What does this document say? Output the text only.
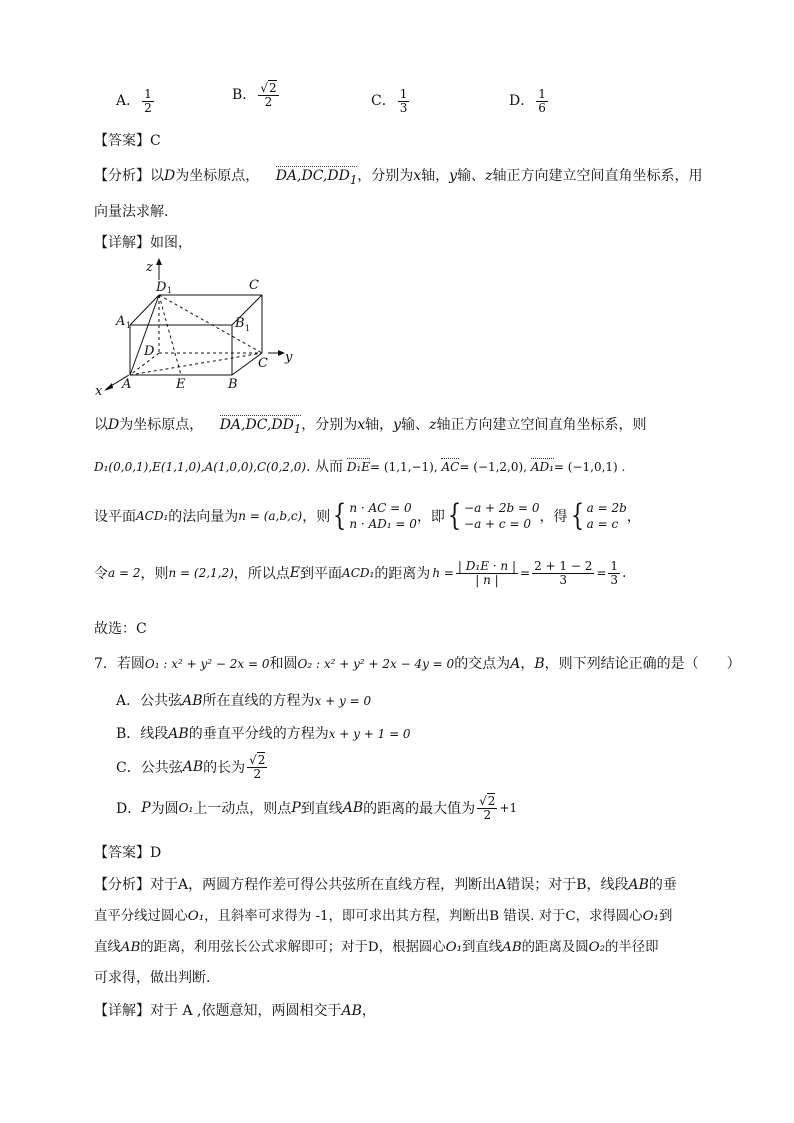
A． $\frac{1}{2}$	B． $\frac{√2}{2}$	C． $\frac{1}{3}$	D． $\frac{1}{6}$
【答案】C
【分析】以D为坐标原点， $DA,DC,DD_1$，分别为x轴，y输、z轴正方向建立空间直角坐标系，用
向量法求解.
【详解】如图，
z
y
x
D 1	C
A 1	B 1
D
C
A	E	B
以D为坐标原点， $DA,DC,DD_1$，分别为x轴，y输、z轴正方向建立空间直角坐标系，则
D₁(0,0,1),E(1,1,0),A(1,0,0),C(0,2,0). 从而 D₁E= (1,1,−1), AC= (−1,2,0), AD₁= (−1,0,1) .
设平面 ACD₁ 的法向量为 n = (a,b,c) ，则 { n · AC = 0
n · AD₁ = 0 ，即 { −a + 2b = 0
−a + c = 0 ，得 { a = 2b
a = c ，
令 a = 2 ，则 n = (2,1,2) ，所以点 E 到平面 ACD₁ 的距离为 $h = \frac{\text{| D₁E · n |}}{| n |} = \frac{2 + 1 - 2}{3} = \frac{1}{3}$ .
故选：C
7．若圆O₁ : x² + y² − 2x = 0和圆O₂ : x² + y² + 2x − 4y = 0的交点为A，B，则下列结论正确的是（　　）
A．公共弦AB所在直线的方程为x + y = 0
B．线段AB的垂直平分线的方程为x + y + 1 = 0
C．公共弦 AB 的长为 $\frac{√2}{2}$
D． P 为圆 O₁ 上一动点，则点 P 到直线 AB 的距离的最大值为 $\frac{√2}{2} +1$
【答案】D
【分析】对于A，两圆方程作差可得公共弦所在直线方程，判断出A错误；对于B，线段AB的垂
直平分线过圆心O₁，且斜率可求得为 -1，即可求出其方程，判断出B 错误. 对于C，求得圆心O₁到
直线AB的距离，利用弦长公式求解即可；对于D，根据圆心O₁到直线AB的距离及圆O₂的半径即
可求得，做出判断.
【详解】对于 A ,依题意知，两圆相交于AB，
